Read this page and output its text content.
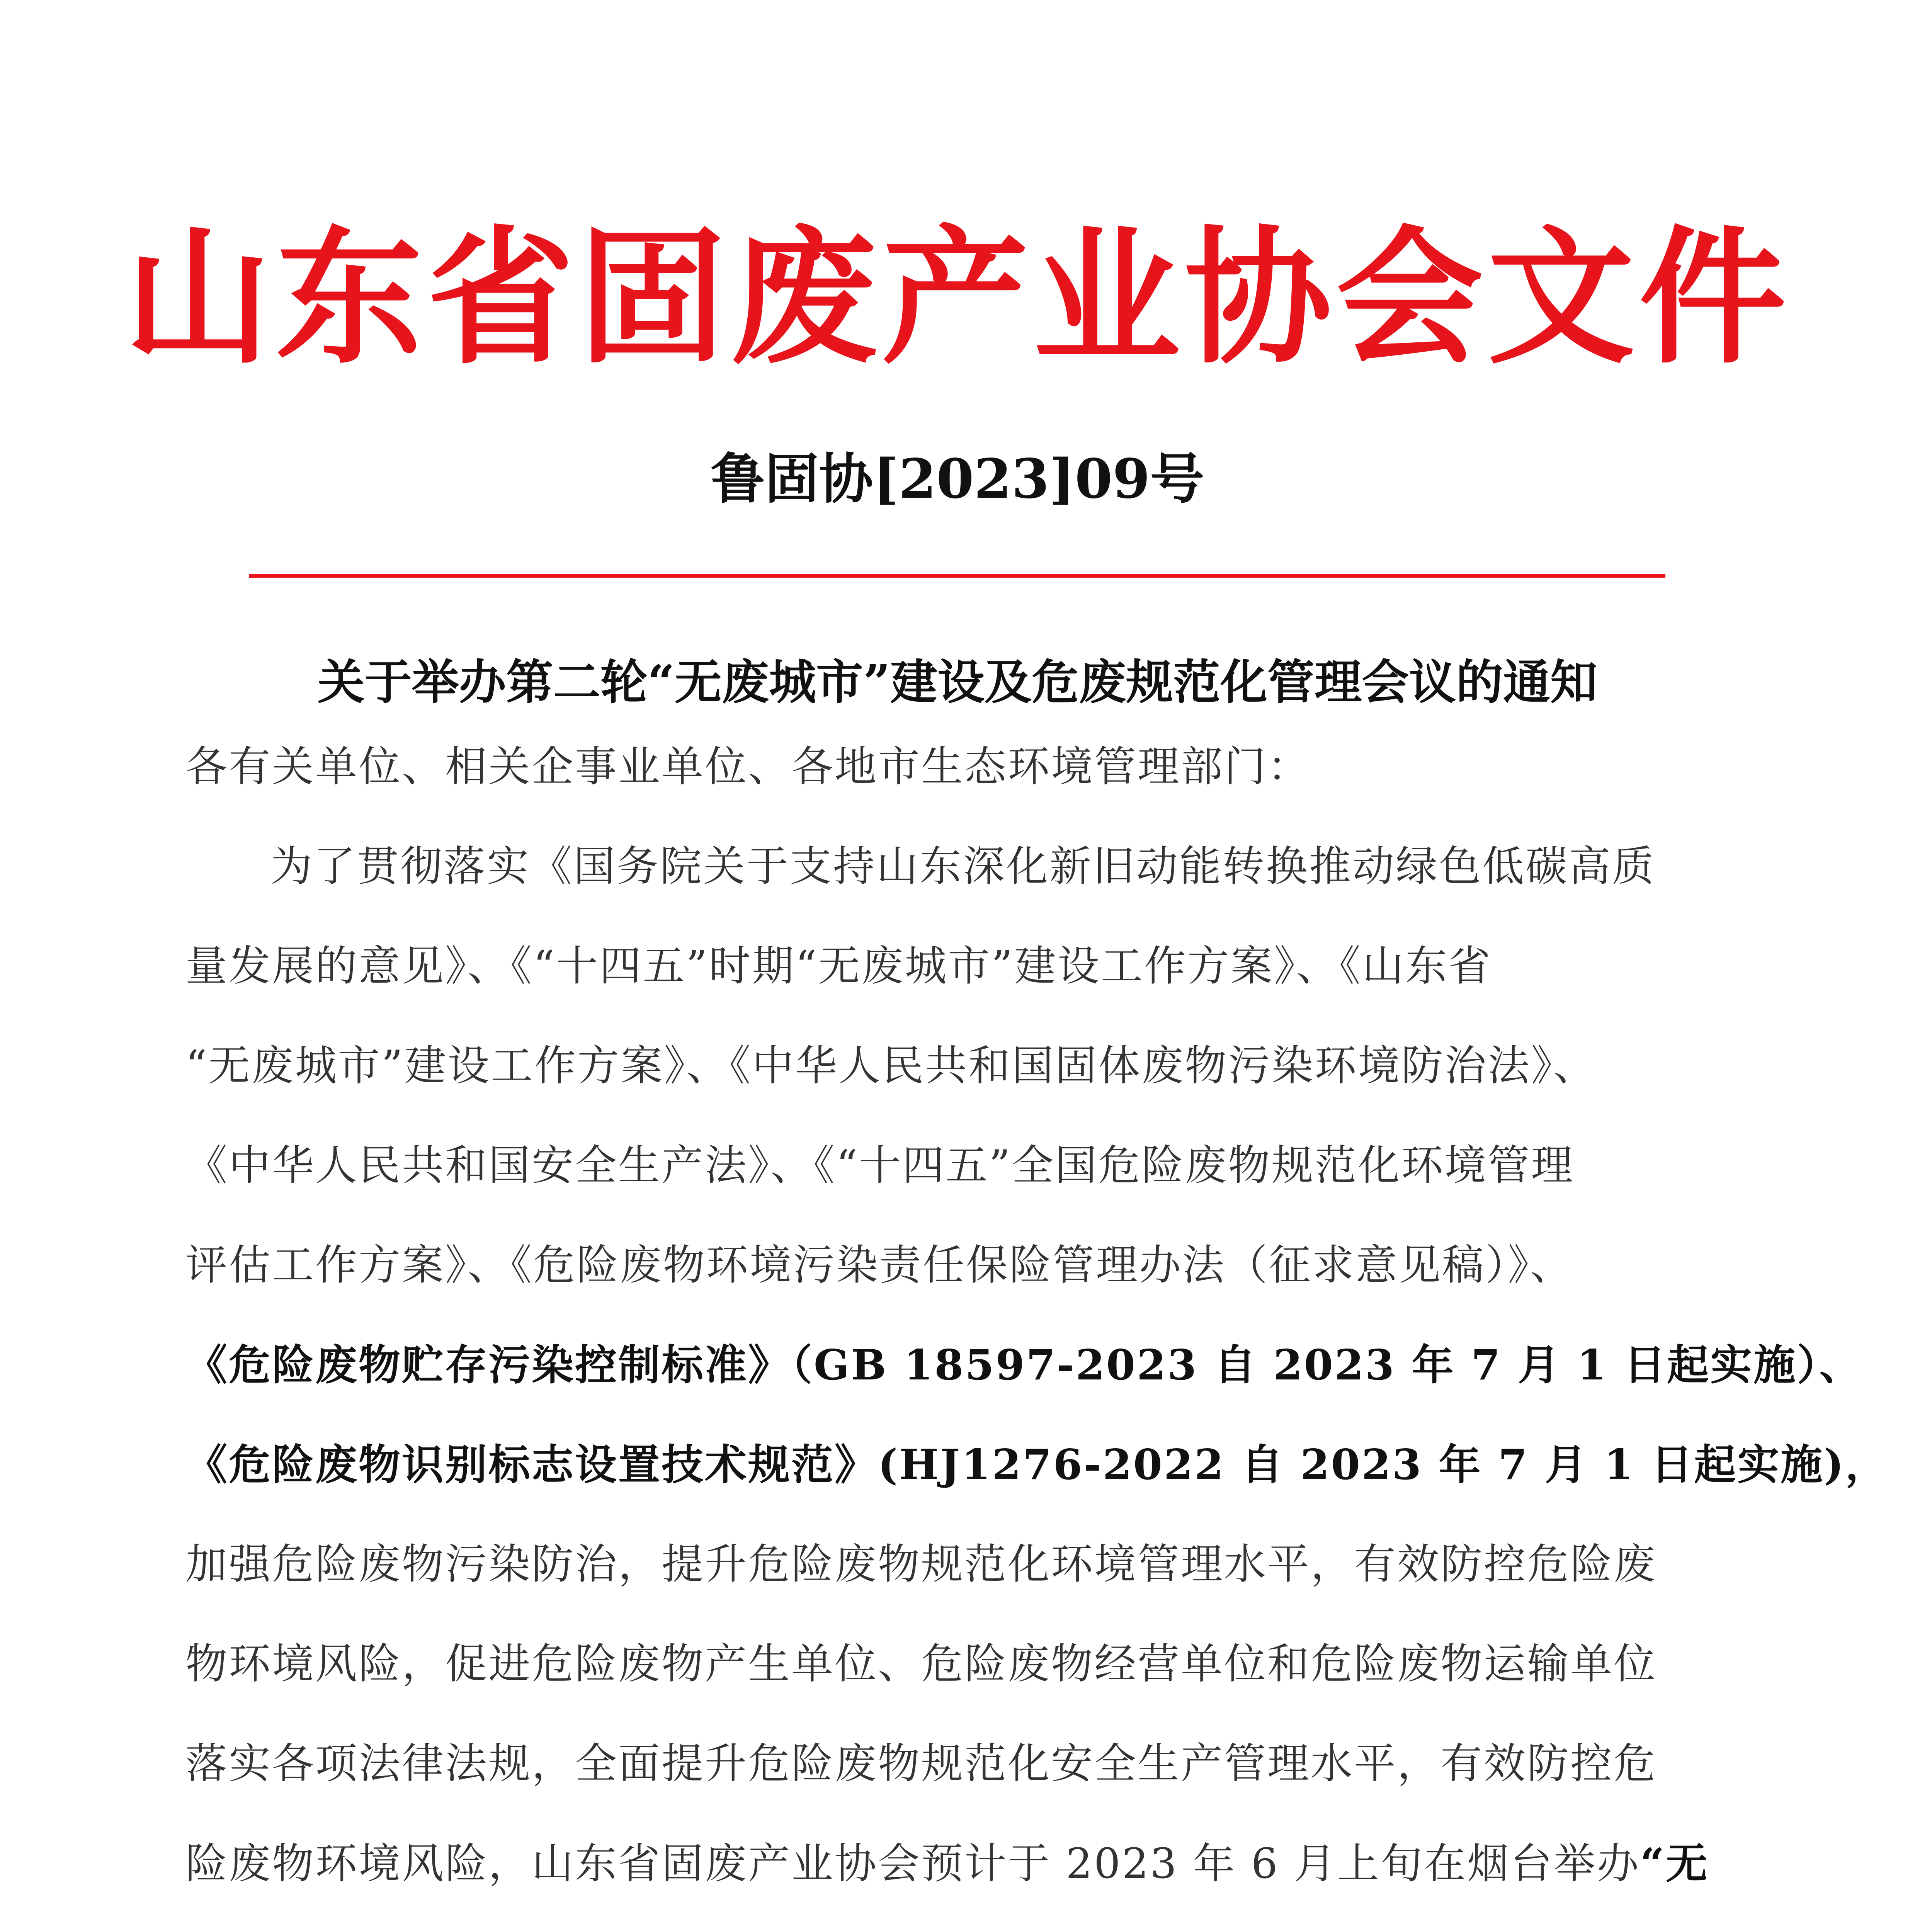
山东省固废产业协会文件
鲁固协[2023]09号
关于举办第二轮“无废城市”建设及危废规范化管理会议的通知
各有关单位、相关企事业单位、各地市生态环境管理部门：
为了贯彻落实《国务院关于支持山东深化新旧动能转换推动绿色低碳高质
量发展的意见》、《“十四五”时期“无废城市”建设工作方案》、《山东省
“无废城市”建设工作方案》、《中华人民共和国固体废物污染环境防治法》、
《中华人民共和国安全生产法》、《“十四五”全国危险废物规范化环境管理
评估工作方案》、《危险废物环境污染责任保险管理办法（征求意见稿）》、
《危险废物贮存污染控制标准》（GB 18597-2023 自 2023 年 7 月 1 日起实施）、
《危险废物识别标志设置技术规范》(HJ1276-2022 自 2023 年 7 月 1 日起实施)，
加强危险废物污染防治，提升危险废物规范化环境管理水平，有效防控危险废
物环境风险，促进危险废物产生单位、危险废物经营单位和危险废物运输单位
落实各项法律法规，全面提升危险废物规范化安全生产管理水平，有效防控危
险废物环境风险，山东省固废产业协会预计于 2023 年 6 月上旬在烟台举办“无
